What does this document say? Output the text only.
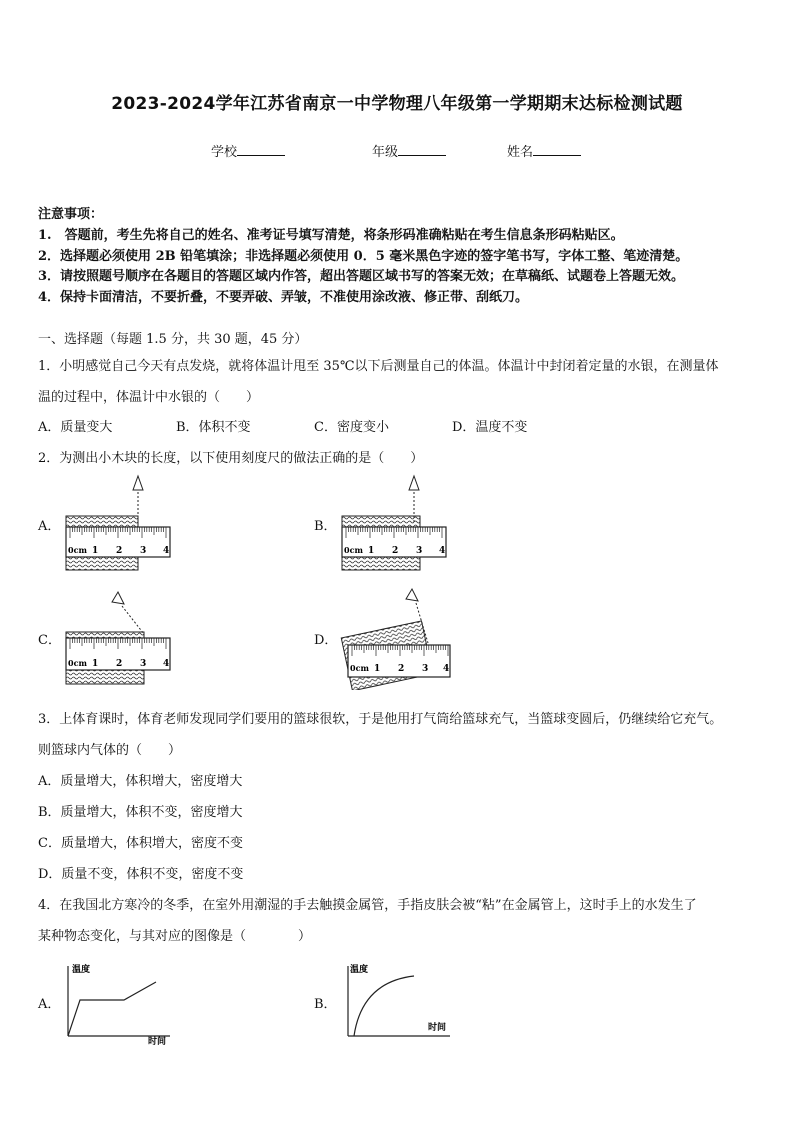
2023-2024学年江苏省南京一中学物理八年级第一学期期末达标检测试题
学校	年级	姓名
注意事项：
1.　答题前，考生先将自己的姓名、准考证号填写清楚，将条形码准确粘贴在考生信息条形码粘贴区。
2．选择题必须使用 2B 铅笔填涂；非选择题必须使用 0．5 毫米黑色字迹的签字笔书写，字体工整、笔迹清楚。
3．请按照题号顺序在各题目的答题区域内作答，超出答题区域书写的答案无效；在草稿纸、试题卷上答题无效。
4．保持卡面清洁，不要折叠，不要弄破、弄皱，不准使用涂改液、修正带、刮纸刀。
一、选择题（每题 1.5 分，共 30 题，45 分）
1．小明感觉自己今天有点发烧，就将体温计甩至 35℃以下后测量自己的体温。体温计中封闭着定量的水银，在测量体
温的过程中，体温计中水银的（　　）
A．质量变大	B．体积不变	C．密度变小	D．温度不变
2．为测出小木块的长度，以下使用刻度尺的做法正确的是（　　）
A．
0cm 1 2 3 4
B．
0cm 1 2 3 4
C．
0cm 1 2 3 4
D．
0cm 1 2 3 4
3．上体育课时，体育老师发现同学们要用的篮球很软，于是他用打气筒给篮球充气，当篮球变圆后，仍继续给它充气。
则篮球内气体的（　　）
A．质量增大，体积增大，密度增大
B．质量增大，体积不变，密度增大
C．质量增大，体积增大，密度不变
D．质量不变，体积不变，密度不变
4．在我国北方寒冷的冬季，在室外用潮湿的手去触摸金属管，手指皮肤会被“粘”在金属管上，这时手上的水发生了
某种物态变化，与其对应的图像是（　　　　）
A．
温度
时间
B．
温度
时间
